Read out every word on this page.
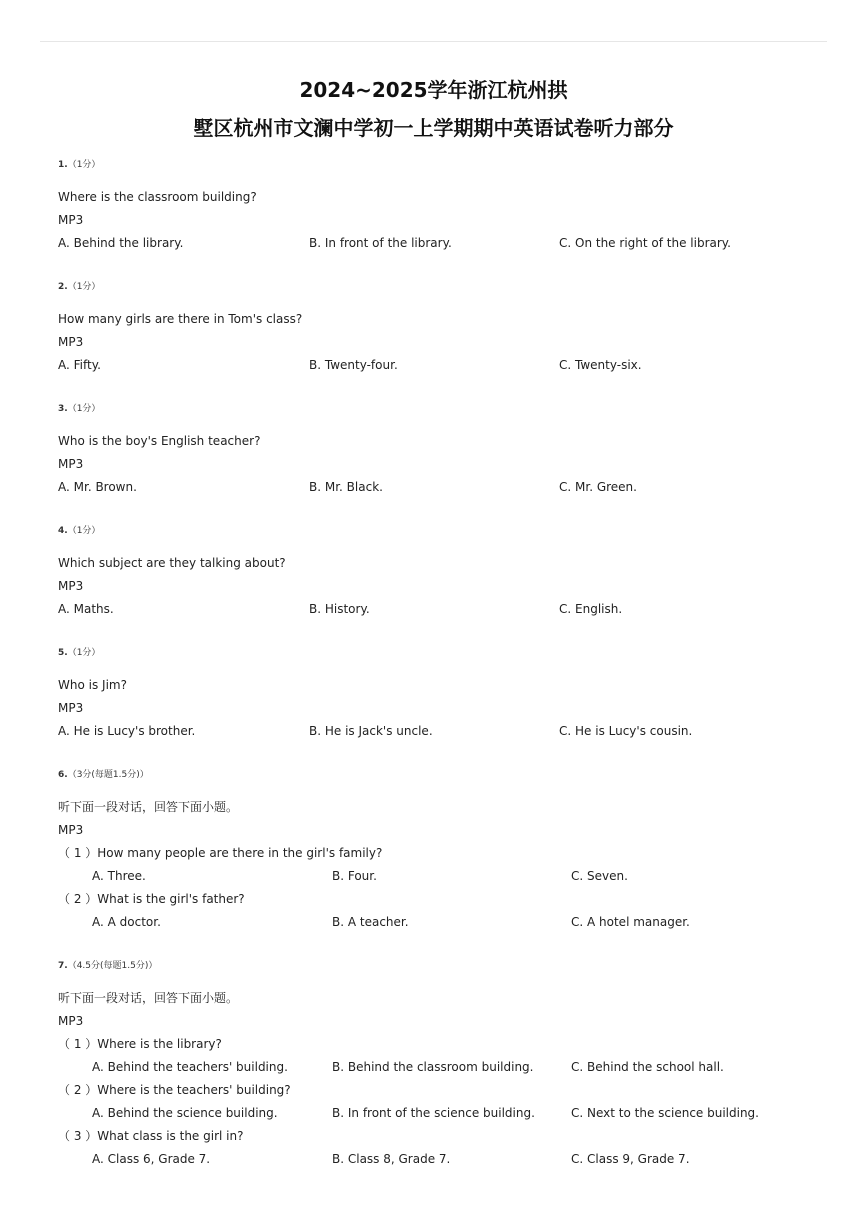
2024~2025学年浙江杭州拱
墅区杭州市文澜中学初一上学期期中英语试卷听力部分
1.（1分）
Where is the classroom building?
MP3
A. Behind the library.	B. In front of the library.	C. On the right of the library.
2.（1分）
How many girls are there in Tom's class?
MP3
A. Fifty.	B. Twenty-four.	C. Twenty-six.
3.（1分）
Who is the boy's English teacher?
MP3
A. Mr. Brown.	B. Mr. Black.	C. Mr. Green.
4.（1分）
Which subject are they talking about?
MP3
A. Maths.	B. History.	C. English.
5.（1分）
Who is Jim?
MP3
A. He is Lucy's brother.	B. He is Jack's uncle.	C. He is Lucy's cousin.
6.（3分(每题1.5分)）
听下面一段对话，回答下面小题。
MP3
（ 1 ）How many people are there in the girl's family?
A. Three.	B. Four.	C. Seven.
（ 2 ）What is the girl's father?
A. A doctor.	B. A teacher.	C. A hotel manager.
7.（4.5分(每题1.5分)）
听下面一段对话，回答下面小题。
MP3
（ 1 ）Where is the library?
A. Behind the teachers' building.	B. Behind the classroom building.	C. Behind the school hall.
（ 2 ）Where is the teachers' building?
A. Behind the science building.	B. In front of the science building.	C. Next to the science building.
（ 3 ）What class is the girl in?
A. Class 6, Grade 7.	B. Class 8, Grade 7.	C. Class 9, Grade 7.
